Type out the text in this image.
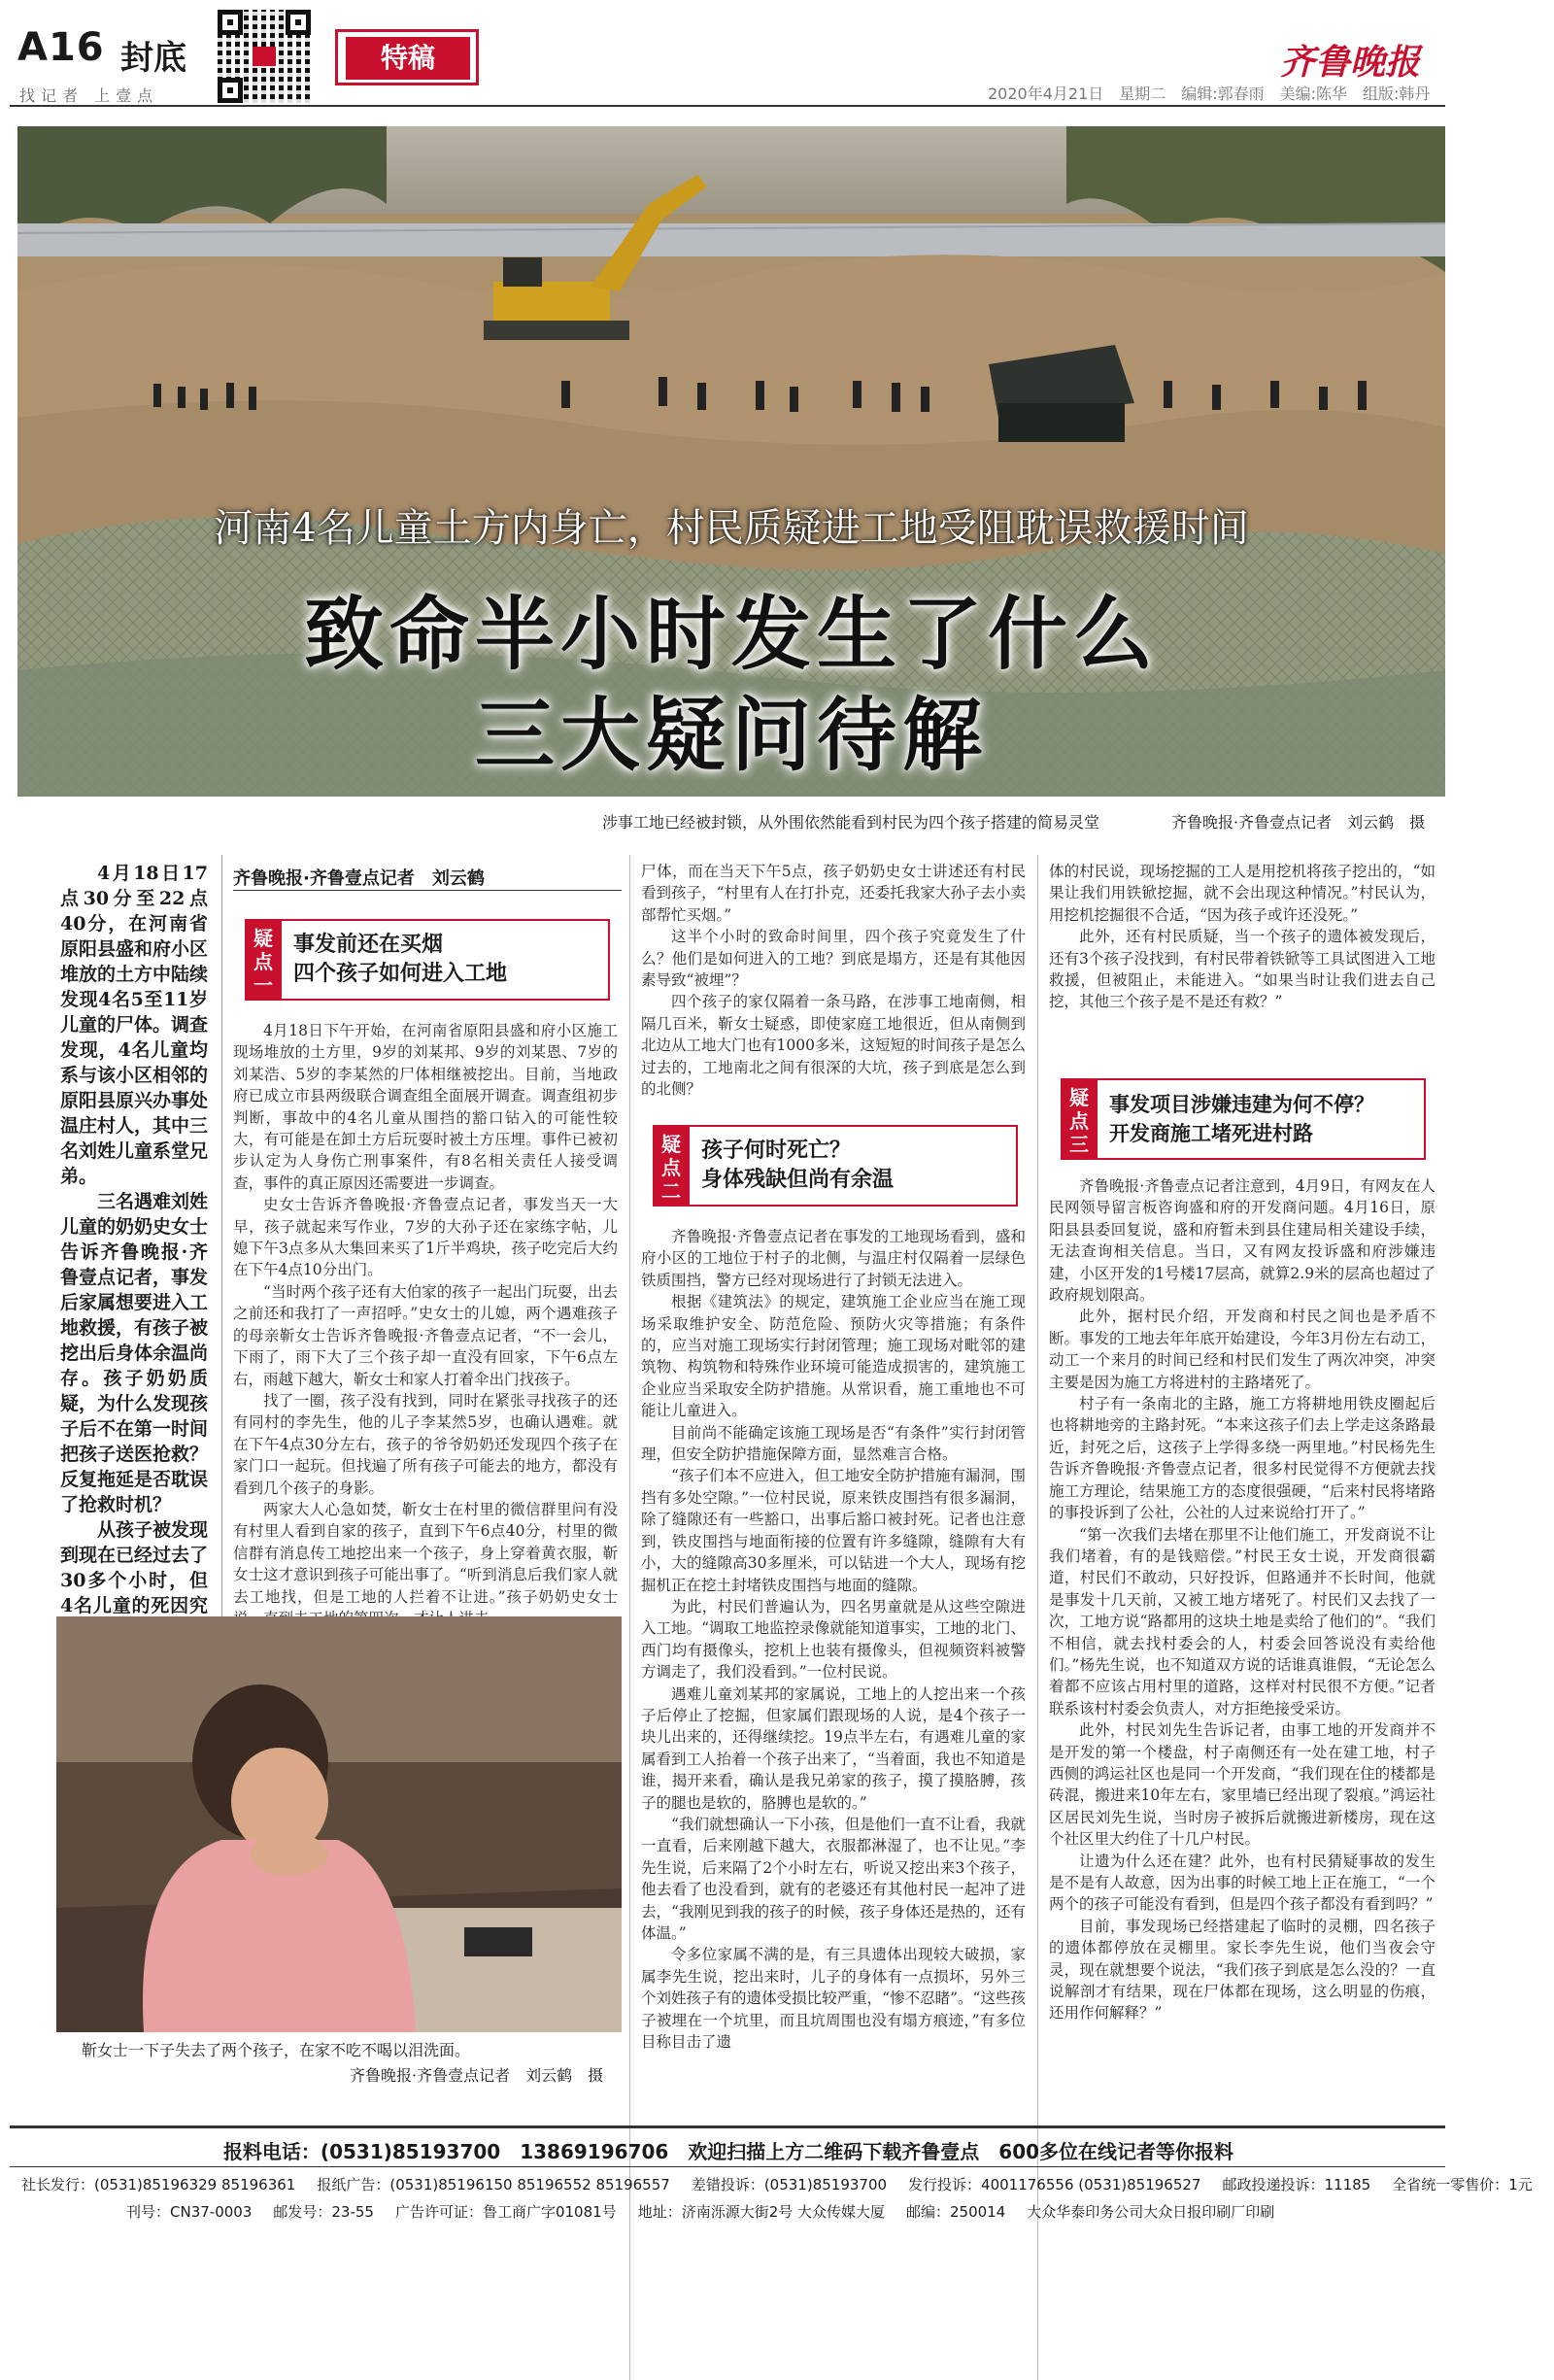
A16 封底
找记者 上壹点
特稿	齐鲁晚报
2020年4月21日　星期二　编辑:郭春雨　美编:陈华　组版:韩丹
河南4名儿童土方内身亡，村民质疑进工地受阻耽误救援时间
致命半小时发生了什么
三大疑问待解
涉事工地已经被封锁，从外围依然能看到村民为四个孩子搭建的简易灵堂	齐鲁晚报·齐鲁壹点记者　刘云鹤　摄

4月18日17点30分至22点40分，在河南省原阳县盛和府小区堆放的土方中陆续发现4名5至11岁儿童的尸体。调查发现，4名儿童均系与该小区相邻的原阳县原兴办事处温庄村人，其中三名刘姓儿童系堂兄弟。

三名遇难刘姓儿童的奶奶史女士告诉齐鲁晚报·齐鲁壹点记者，事发后家属想要进入工地救援，有孩子被挖出后身体余温尚存。孩子奶奶质疑，为什么发现孩子后不在第一时间把孩子送医抢救？反复拖延是否耽误了抢救时机？

从孩子被发现到现在已经过去了30多个小时，但4名儿童的死因究

齐鲁晚报·齐鲁壹点记者　刘云鹤
疑点一
事发前还在买烟
四个孩子如何进入工地

4月18日下午开始，在河南省原阳县盛和府小区施工现场堆放的土方里，9岁的刘某邦、9岁的刘某恩、7岁的刘某浩、5岁的李某然的尸体相继被挖出。目前，当地政府已成立市县两级联合调查组全面展开调查。调查组初步判断，事故中的4名儿童从围挡的豁口钻入的可能性较大，有可能是在卸土方后玩耍时被土方压埋。事件已被初步认定为人身伤亡刑事案件，有8名相关责任人接受调查，事件的真正原因还需要进一步调查。

史女士告诉齐鲁晚报·齐鲁壹点记者，事发当天一大早，孩子就起来写作业，7岁的大孙子还在家练字帖，儿媳下午3点多从大集回来买了1斤半鸡块，孩子吃完后大约在下午4点10分出门。

“当时两个孩子还有大伯家的孩子一起出门玩耍，出去之前还和我打了一声招呼。”史女士的儿媳，两个遇难孩子的母亲靳女士告诉齐鲁晚报·齐鲁壹点记者，“不一会儿，下雨了，雨下大了三个孩子却一直没有回家，下午6点左右，雨越下越大，靳女士和家人打着伞出门找孩子。

找了一圈，孩子没有找到，同时在紧张寻找孩子的还有同村的李先生，他的儿子李某然5岁，也确认遇难。就在下午4点30分左右，孩子的爷爷奶奶还发现四个孩子在家门口一起玩。但找遍了所有孩子可能去的地方，都没有看到几个孩子的身影。

两家大人心急如焚，靳女士在村里的微信群里问有没有村里人看到自家的孩子，直到下午6点40分，村里的微信群有消息传工地挖出来一个孩子，身上穿着黄衣服，靳女士这才意识到孩子可能出事了。“听到消息后我们家人就去工地找，但是工地的人拦着不让进。”孩子奶奶史女士

尸体，而在当天下午5点，孩子奶奶史女士讲述还有村民看到孩子，“村里有人在打扑克，还委托我家大孙子去小卖部帮忙买烟。”

这半个小时的致命时间里，四个孩子究竟发生了什么？他们是如何进入的工地？到底是塌方，还是有其他因素导致“被埋”？

四个孩子的家仅隔着一条马路，在涉事工地南侧，相隔几百米，靳女士疑惑，即使家庭工地很近，但从南侧到北边从工地大门也有1000多米，这短短的时间孩子是怎么过去的，工地南北之间有很深的大坑，孩子到底是怎么到的北侧？

疑点二
孩子何时死亡？
身体残缺但尚有余温

齐鲁晚报·齐鲁壹点记者在事发的工地现场看到，盛和府小区的工地位于村子的北侧，与温庄村仅隔着一层绿色铁质围挡，警方已经对现场进行了封锁无法进入。

根据《建筑法》的规定，建筑施工企业应当在施工现场采取维护安全、防范危险、预防火灾等措施；有条件的，应当对施工现场实行封闭管理；施工现场对毗邻的建筑物、构筑物和特殊作业环境可能造成损害的，建筑施工企业应当采取安全防护措施。从常识看，施工重地也不可能让儿童进入。

目前尚不能确定该施工现场是否“有条件”实行封闭管理，但安全防护措施保障方面，显然难言合格。

“孩子们本不应进入，但工地安全防护措施有漏洞，围挡有多处空隙。”一位村民说，原来铁皮围挡有很多漏洞，除了缝隙还有一些豁口，出事后豁口被封死。记者也注意到，铁皮围挡与地面衔接的位置有许多缝隙，缝隙有大有小，大的缝隙高30多厘米，可以钻进一个大人，现场有挖掘机正在挖土封堵铁皮围挡与地面的缝隙。

为此，村民们普遍认为，四名男童就是从这些空隙进入工地。“调取工地监控录像就能知道事实，工地的北门、西门均有摄像头，挖机上也装有摄像头，但视频资料被警方调走了，我们没看到。”一位村民说。

遇难儿童刘某邦的家属说，工地上的人挖出来一个孩子后停止了挖掘，但家属们跟现场的人说，是4个孩子一块儿出来的，还得继续挖。19点半左右，有遇难儿童的家属看到工人抬着一个孩子出来了，“当着面，我也不知道是谁，揭开来看，确认是我兄弟家的孩子，摸了摸胳膊，孩子的腿也是软的，胳膊也是软的。”

“我们就想确认一下小孩，但是他们一直不让看，我就一直看，后来刚越下越大，衣服都淋湿了，也不让见。”李先生说，后来隔了2个小时左右，听说又挖出来3个孩子，他去看了也没看到，就有的老婆还有其他村民一起冲了进去，“我刚见到我的孩子的时候，孩子身体还是热的，还有体温。”

令多位家属不满的是，有三具遗体出现较大破损，家属李先生说，挖出来时，儿子的身体有一点损坏，另外三个刘姓孩子有的遗体受损比较严重，“惨不忍睹”。“这些孩子被埋在一个坑里，而且坑周围也没有塌方痕迹，”有多位目称目击了遗

体的村民说，现场挖掘的工人是用挖机将孩子挖出的，“如果让我们用铁锨挖掘，就不会出现这种情况。”村民认为，用挖机挖掘很不合适，“因为孩子或许还没死。”

此外，还有村民质疑，当一个孩子的遗体被发现后，还有3个孩子没找到，有村民带着铁锨等工具试图进入工地救援，但被阻止，未能进入。“如果当时让我们进去自己挖，其他三个孩子是不是还有救？”

疑点三
事发项目涉嫌违建为何不停？
开发商施工堵死进村路

齐鲁晚报·齐鲁壹点记者注意到，4月9日，有网友在人民网领导留言板咨询盛和府的开发商问题。4月16日，原阳县县委回复说，盛和府暂未到县住建局相关建设手续，无法查询相关信息。当日，又有网友投诉盛和府涉嫌违建，小区开发的1号楼17层高，就算2.9米的层高也超过了政府规划限高。

此外，据村民介绍，开发商和村民之间也是矛盾不断。事发的工地去年年底开始建设，今年3月份左右动工，动工一个来月的时间已经和村民们发生了两次冲突，冲突主要是因为施工方将进村的主路堵死了。

村子有一条南北的主路，施工方将耕地用铁皮圈起后也将耕地旁的主路封死。“本来这孩子们去上学走这条路最近，封死之后，这孩子上学得多绕一两里地。”村民杨先生告诉齐鲁晚报·齐鲁壹点记者，很多村民觉得不方便就去找施工方理论，结果施工方的态度很强硬，“后来村民将堵路的事投诉到了公社，公社的人过来说给打开了。”

“第一次我们去堵在那里不让他们施工，开发商说不让我们堵着，有的是钱赔偿。”村民王女士说，开发商很霸道，村民们不敢动，只好投诉，但路通并不长时间，他就是事发十几天前，又被工地方堵死了。村民们又去找了一次，工地方说“路都用的这块土地是卖给了他们的”。“我们不相信，就去找村委会的人，村委会回答说没有卖给他们。”杨先生说，也不知道双方说的话谁真谁假，“无论怎么着都不应该占用村里的道路，这样对村民很不方便。”记者联系该村村委会负责人，对方拒绝接受采访。

此外，村民刘先生告诉记者，由事工地的开发商并不是开发的第一个楼盘，村子南侧还有一处在建工地，村子西侧的鸿运社区也是同一个开发商，“我们现在住的楼都是砖混，搬进来10年左右，家里墙已经出现了裂痕。”鸿运社区居民刘先生说，当时房子被拆后就搬进新楼房，现在这个社区里大约住了十几户村民。

让遗为什么还在建？此外，也有村民猜疑事故的发生是不是有人故意，因为出事的时候工地上正在施工，“一个两个的孩子可能没有看到，但是四个孩子都没有看到吗？”

目前，事发现场已经搭建起了临时的灵棚，四名孩子的遗体都停放在灵棚里。家长李先生说，他们当夜会守灵，现在就想要个说法，“我们孩子到底是怎么没的？一直说解剖才有结果，现在尸体都在现场，这么明显的伤痕，还用作何解释？”

靳女士一下子失去了两个孩子，在家不吃不喝以泪洗面。
齐鲁晚报·齐鲁壹点记者　刘云鹤　摄
报料电话：(0531)85193700　13869196706　欢迎扫描上方二维码下载齐鲁壹点　600多位在线记者等你报料
社长发行：(0531)85196329 85196361 报纸广告：(0531)85196150 85196552 85196557 差错投诉：(0531)85193700 发行投诉：4001176556 (0531)85196527 邮政投递投诉：11185 全省统一零售价：1元
刊号：CN37-0003 邮发号：23-55 广告许可证：鲁工商广字01081号 地址：济南泺源大街2号 大众传媒大厦 邮编：250014 大众华泰印务公司大众日报印刷厂印刷
